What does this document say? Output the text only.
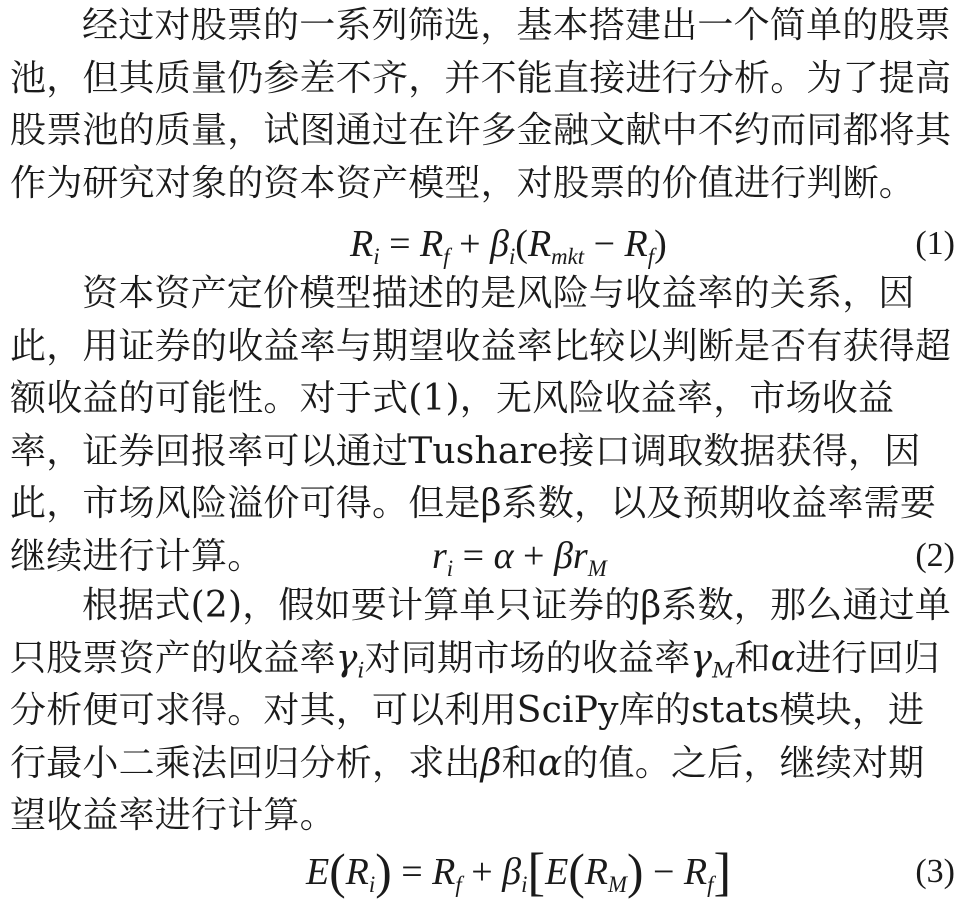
经过对股票的一系列筛选，基本搭建出一个简单的股票池，但其质量仍参差不齐，并不能直接进行分析。为了提高股票池的质量，试图通过在许多金融文献中不约而同都将其作为研究对象的资本资产模型，对股票的价值进行判断。

$R_i = R_f + \beta_i(R_{mkt} - R_f)$	(1)

资本资产定价模型描述的是风险与收益率的关系，因此，用证券的收益率与期望收益率比较以判断是否有获得超额收益的可能性。对于式(1)，无风险收益率，市场收益率，证券回报率可以通过Tushare接口调取数据获得，因此，市场风险溢价可得。但是β系数，以及预期收益率需要继续进行计算。	$r_i = \alpha + \beta r_M$	(2)

根据式(2)，假如要计算单只证券的β系数，那么通过单只股票资产的收益率$\gamma_i$对同期市场的收益率$\gamma_M$和α进行回归分析便可求得。对其，可以利用SciPy库的stats模块，进行最小二乘法回归分析，求出β和α的值。之后，继续对期望收益率进行计算。

$E(R_i) = R_f + \beta_i[E(R_M) - R_f]$	(3)
